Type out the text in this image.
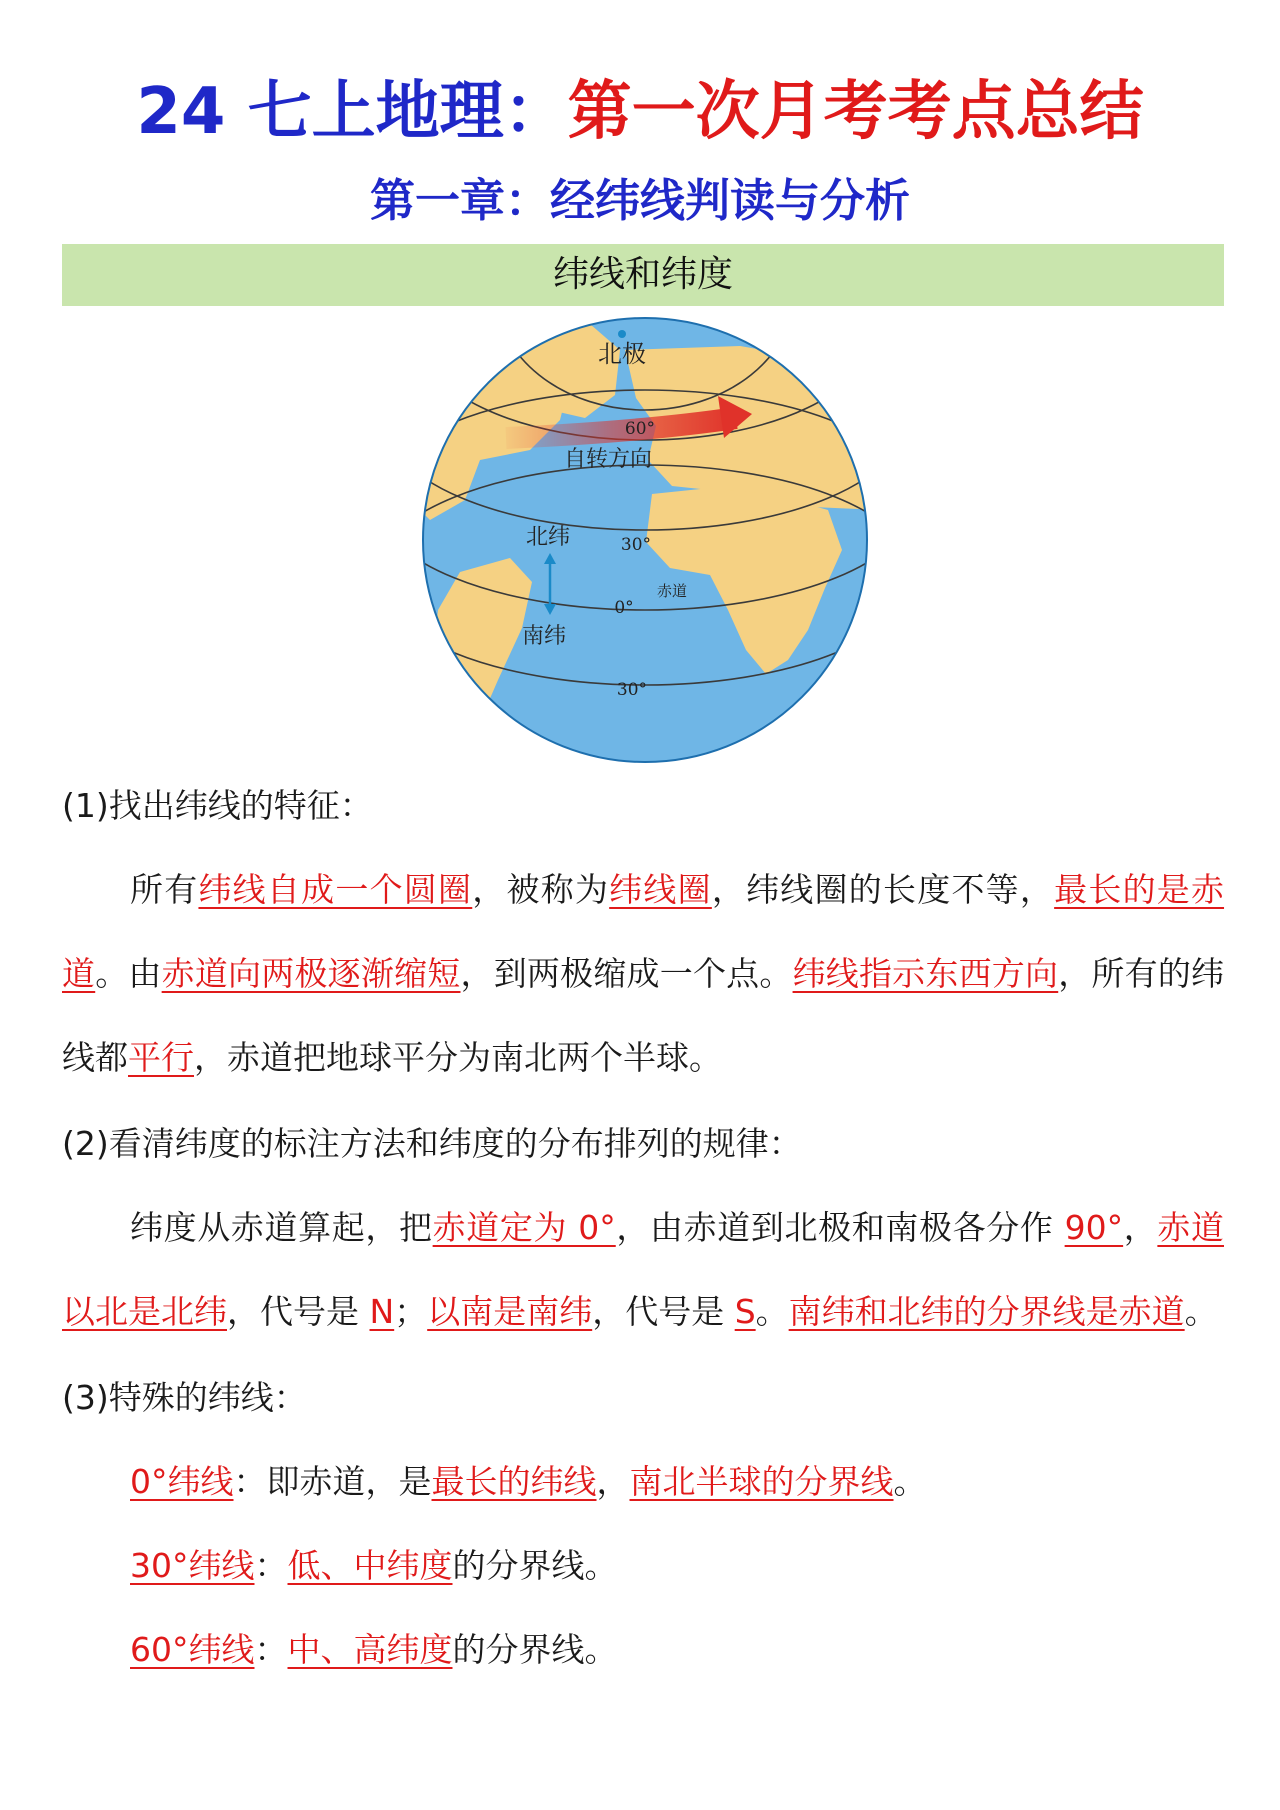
24 七上地理：第一次月考考点总结
第一章：经纬线判读与分析
纬线和纬度
北极
60°
自转方向
30°
北纬
赤道
0°
南纬
30°
(1)找出纬线的特征：
所有纬线自成一个圆圈，被称为纬线圈，纬线圈的长度不等，最长的是赤道。由赤道向两极逐渐缩短，到两极缩成一个点。纬线指示东西方向，所有的纬线都平行，赤道把地球平分为南北两个半球。
(2)看清纬度的标注方法和纬度的分布排列的规律：
纬度从赤道算起，把赤道定为 0°，由赤道到北极和南极各分作 90°，赤道以北是北纬，代号是 N；以南是南纬，代号是 S。南纬和北纬的分界线是赤道。
(3)特殊的纬线：
0°纬线：即赤道，是最长的纬线，南北半球的分界线。
30°纬线：低、中纬度的分界线。
60°纬线：中、高纬度的分界线。
